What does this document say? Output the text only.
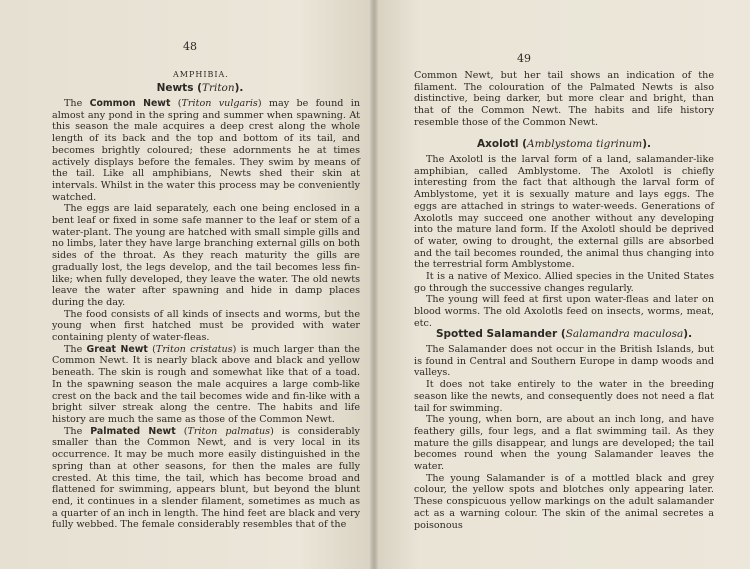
48
AMPHIBIA.
Newts (Triton).

The Common Newt (Triton vulgaris) may be found in almost any pond in the spring and summer when spawning. At this season the male acquires a deep crest along the whole length of its back and the top and bottom of its tail, and becomes brightly coloured; these adornments he at times actively displays before the females. They swim by means of the tail. Like all amphibians, Newts shed their skin at intervals. Whilst in the water this process may be conveniently watched.

The eggs are laid separately, each one being enclosed in a bent leaf or fixed in some safe manner to the leaf or stem of a water-plant. The young are hatched with small simple gills and no limbs, later they have large branching external gills on both sides of the throat. As they reach maturity the gills are gradually lost, the legs develop, and the tail becomes less fin-like; when fully developed, they leave the water. The old newts leave the water after spawning and hide in damp places during the day.

The food consists of all kinds of insects and worms, but the young when first hatched must be provided with water containing plenty of water-fleas.

The Great Newt (Triton cristatus) is much larger than the Common Newt. It is nearly black above and black and yellow beneath. The skin is rough and somewhat like that of a toad. In the spawning season the male acquires a large comb-like crest on the back and the tail becomes wide and fin-like with a bright silver streak along the centre. The habits and life history are much the same as those of the Common Newt.

The Palmated Newt (Triton palmatus) is considerably smaller than the Common Newt, and is very local in its occurrence. It may be much more easily distinguished in the spring than at other seasons, for then the males are fully crested. At this time, the tail, which has become broad and flattened for swimming, appears blunt, but beyond the blunt end, it continues in a slender filament, sometimes as much as a quarter of an inch in length. The hind feet are black and very fully webbed. The female considerably resembles that of the

49

Common Newt, but her tail shows an indication of the filament. The colouration of the Palmated Newts is also distinctive, being darker, but more clear and bright, than that of the Common Newt. The habits and life history resemble those of the Common Newt.

Axolotl (Amblystoma tigrinum).

The Axolotl is the larval form of a land, salamander-like amphibian, called Amblystome. The Axolotl is chiefly interesting from the fact that although the larval form of Amblystome, yet it is sexually mature and lays eggs. The eggs are attached in strings to water-weeds. Generations of Axolotls may succeed one another without any developing into the mature land form. If the Axolotl should be deprived of water, owing to drought, the external gills are absorbed and the tail becomes rounded, the animal thus changing into the terrestrial form Amblystome.

It is a native of Mexico. Allied species in the United States go through the successive changes regularly.

The young will feed at first upon water-fleas and later on blood worms. The old Axolotls feed on insects, worms, meat, etc.

Spotted Salamander (Salamandra maculosa).

The Salamander does not occur in the British Islands, but is found in Central and Southern Europe in damp woods and valleys.

It does not take entirely to the water in the breeding season like the newts, and consequently does not need a flat tail for swimming.

The young, when born, are about an inch long, and have feathery gills, four legs, and a flat swimming tail. As they mature the gills disappear, and lungs are developed; the tail becomes round when the young Salamander leaves the water.

The young Salamander is of a mottled black and grey colour, the yellow spots and blotches only appearing later. These conspicuous yellow markings on the adult salamander act as a warning colour. The skin of the animal secretes a poisonous
